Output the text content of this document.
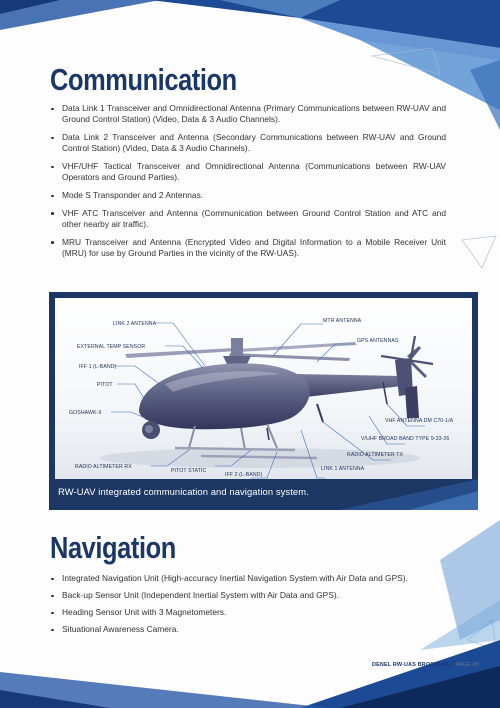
Communication
Data Link 1 Transceiver and Omnidirectional Antenna (Primary Communications between RW-UAV and Ground Control Station) (Video, Data & 3 Audio Channels).
Data Link 2 Transceiver and Antenna (Secondary Communications between RW-UAV and Ground Control Station) (Video, Data & 3 Audio Channels).
VHF/UHF Tactical Transceiver and Omnidirectional Antenna (Communications between RW-UAV Operators and Ground Parties).
Mode S Transponder and 2 Antennas.
VHF ATC Transceiver and Antenna (Communication between Ground Control Station and ATC and other nearby air traffic).
MRU Transceiver and Antenna (Encrypted Video and Digital Information to a Mobile Receiver Unit (MRU) for use by Ground Parties in the vicinity of the RW-UAS).
LINK 2 ANTENNA
EXTERNAL TEMP SENSOR
IFF 1 (L-BAND)
PITOT
GOSHAWK-II
RADIO ALTIMETER RX
PITOT STATIC
IFF 2 (L-BAND)
LINK 1 ANTENNA
RADIO ALTIMETER TX
V/UHF BROAD BAND TYPE 9-33-26
VHF ANTENNA DM C70-1/A
GPS ANTENNAS
MTR ANTENNA
RW-UAV integrated communication and navigation system.
Navigation
Integrated Navigation Unit (High-accuracy Inertial Navigation System with Air Data and GPS).
Back-up Sensor Unit (Independent Inertial System with Air Data and GPS).
Heading Sensor Unit with 3 Magnetometers.
Situational Awareness Camera.
DENEL RW-UAS BROCHURE | PAGE 05
